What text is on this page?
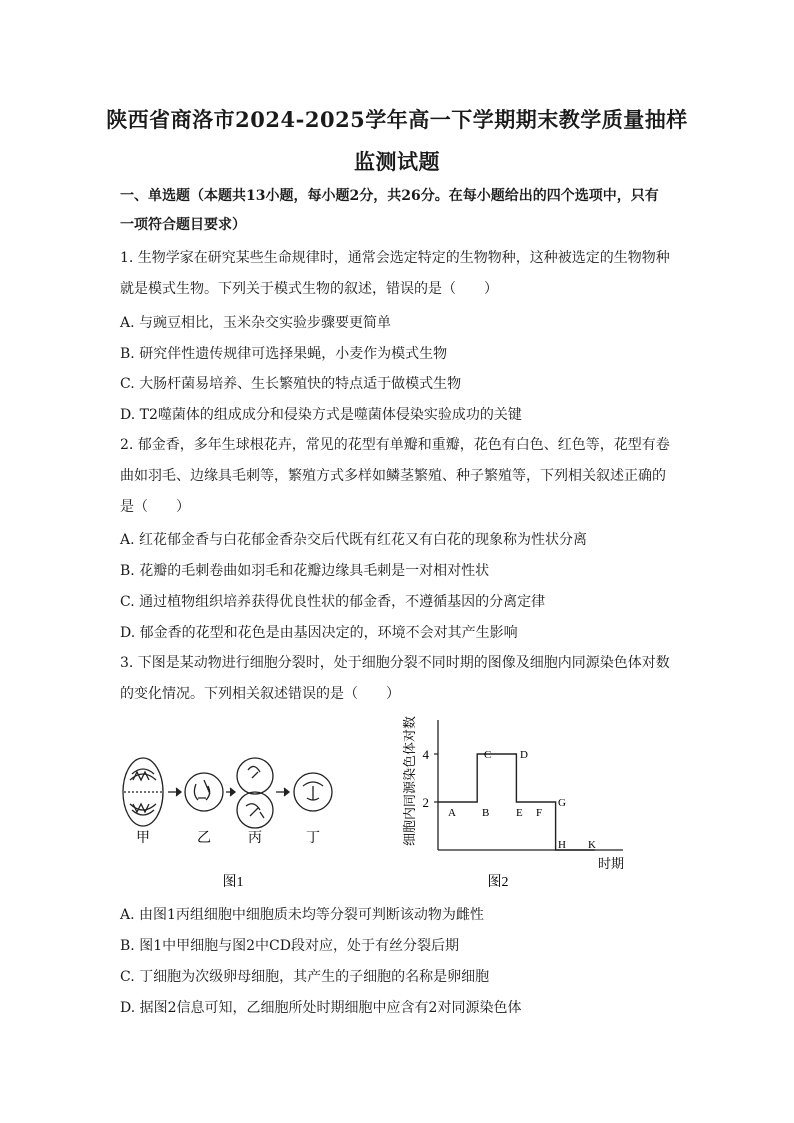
陕西省商洛市2024-2025学年高一下学期期末教学质量抽样
监测试题
一、单选题（本题共13小题，每小题2分，共26分。在每小题给出的四个选项中，只有
一项符合题目要求）
1. 生物学家在研究某些生命规律时，通常会选定特定的生物物种，这种被选定的生物物种
就是模式生物。下列关于模式生物的叙述，错误的是（　　）
A. 与豌豆相比，玉米杂交实验步骤要更简单
B. 研究伴性遗传规律可选择果蝇，小麦作为模式生物
C. 大肠杆菌易培养、生长繁殖快的特点适于做模式生物
D. T2噬菌体的组成成分和侵染方式是噬菌体侵染实验成功的关键
2. 郁金香，多年生球根花卉，常见的花型有单瓣和重瓣，花色有白色、红色等，花型有卷
曲如羽毛、边缘具毛刺等，繁殖方式多样如鳞茎繁殖、种子繁殖等，下列相关叙述正确的
是（　　）
A. 红花郁金香与白花郁金香杂交后代既有红花又有白花的现象称为性状分离
B. 花瓣的毛刺卷曲如羽毛和花瓣边缘具毛刺是一对相对性状
C. 通过植物组织培养获得优良性状的郁金香，不遵循基因的分离定律
D. 郁金香的花型和花色是由基因决定的，环境不会对其产生影响
3. 下图是某动物进行细胞分裂时，处于细胞分裂不同时期的图像及细胞内同源染色体对数
的变化情况。下列相关叙述错误的是（　　）
甲	乙	丙	丁
图1
2
4
A B
C	D
E F
G
H K
细胞内同源染色体对数
时期
图2
A. 由图1丙组细胞中细胞质未均等分裂可判断该动物为雌性
B. 图1中甲细胞与图2中CD段对应，处于有丝分裂后期
C. 丁细胞为次级卵母细胞，其产生的子细胞的名称是卵细胞
D. 据图2信息可知，乙细胞所处时期细胞中应含有2对同源染色体
